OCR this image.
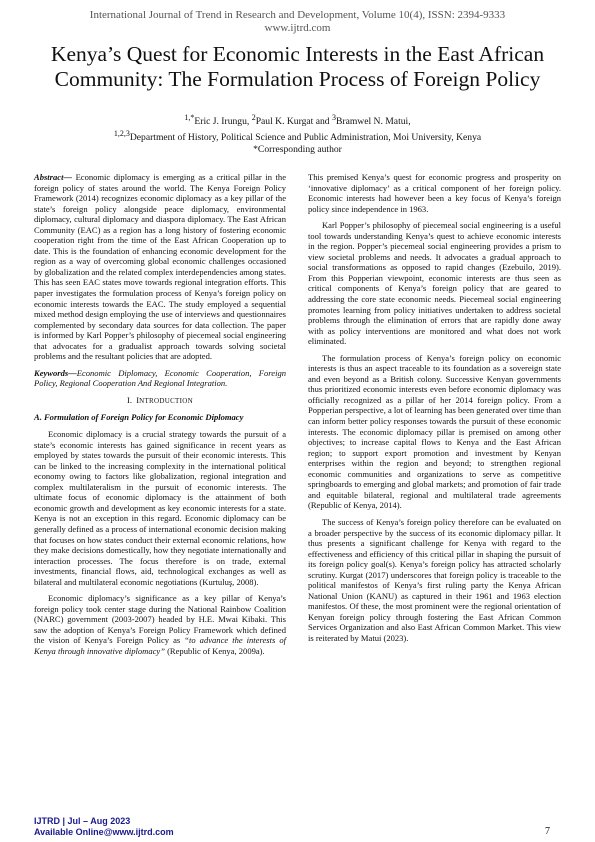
International Journal of Trend in Research and Development, Volume 10(4), ISSN: 2394-9333
www.ijtrd.com
Kenya’s Quest for Economic Interests in the East African
Community: The Formulation Process of Foreign Policy
$^{1,*}$Eric J. Irungu, $^2$Paul K. Kurgat and $^3$Bramwel N. Matui,
$^{1,2,3}$Department of History, Political Science and Public Administration, Moi University, Kenya
*Corresponding author

Abstract— Economic diplomacy is emerging as a critical pillar in the foreign policy of states around the world. The Kenya Foreign Policy Framework (2014) recognizes economic diplomacy as a key pillar of the state’s foreign policy alongside peace diplomacy, environmental diplomacy, cultural diplomacy and diaspora diplomacy. The East African Community (EAC) as a region has a long history of fostering economic cooperation right from the time of the East African Cooperation up to date. This is the foundation of enhancing economic development for the region as a way of overcoming global economic challenges occasioned by globalization and the related complex interdependencies among states. This has seen EAC states move towards regional integration efforts. This paper investigates the formulation process of Kenya’s foreign policy on economic interests towards the EAC. The study employed a sequential mixed method design employing the use of interviews and questionnaires complemented by secondary data sources for data collection. The paper is informed by Karl Popper’s philosophy of piecemeal social engineering that advocates for a gradualist approach towards solving societal problems and the resultant policies that are adopted.

Keywords—Economic Diplomacy, Economic Cooperation, Foreign Policy, Regional Cooperation And Regional Integration.

I. INTRODUCTION

A. Formulation of Foreign Policy for Economic Diplomacy

Economic diplomacy is a crucial strategy towards the pursuit of a state’s economic interests has gained significance in recent years as employed by states towards the pursuit of their economic interests. This can be linked to the increasing complexity in the international political economy owing to factors like globalization, regional integration and complex multilateralism in the pursuit of economic interests. The ultimate focus of economic diplomacy is the attainment of both economic growth and development as key economic interests for a state. Kenya is not an exception in this regard. Economic diplomacy can be generally defined as a process of international economic decision making that focuses on how states conduct their external economic relations, how they make decisions domestically, how they negotiate internationally and interaction processes. The focus therefore is on trade, external investments, financial flows, aid, technological exchanges as well as bilateral and multilateral economic negotiations (Kurtuluş, 2008).

Economic diplomacy’s significance as a key pillar of Kenya’s foreign policy took center stage during the National Rainbow Coalition (NARC) government (2003-2007) headed by H.E. Mwai Kibaki. This saw the adoption of Kenya’s Foreign Policy Framework which defined the vision of Kenya’s Foreign Policy as “to advance the interests of Kenya through innovative diplomacy” (Republic of Kenya, 2009a).

This premised Kenya’s quest for economic progress and prosperity on ‘innovative diplomacy’ as a critical component of her foreign policy. Economic interests had however been a key focus of Kenya’s foreign policy since independence in 1963.

Karl Popper’s philosophy of piecemeal social engineering is a useful tool towards understanding Kenya’s quest to achieve economic interests in the region. Popper’s piecemeal social engineering provides a prism to view societal problems and needs. It advocates a gradual approach to social transformations as opposed to rapid changes (Ezebuilo, 2019). From this Popperian viewpoint, economic interests are thus seen as critical components of Kenya’s foreign policy that are geared to addressing the core state economic needs. Piecemeal social engineering promotes learning from policy initiatives undertaken to address societal problems through the elimination of errors that are rapidly done away with as policy interventions are monitored and what does not work eliminated.

The formulation process of Kenya’s foreign policy on economic interests is thus an aspect traceable to its foundation as a sovereign state and even beyond as a British colony. Successive Kenyan governments thus prioritized economic interests even before economic diplomacy was officially recognized as a pillar of her 2014 foreign policy. From a Popperian perspective, a lot of learning has been generated over time than can inform better policy responses towards the pursuit of these economic interests. The economic diplomacy pillar is premised on among other objectives; to increase capital flows to Kenya and the East African region; to support export promotion and investment by Kenyan enterprises within the region and beyond; to strengthen regional economic communities and organizations to serve as competitive springboards to emerging and global markets; and promotion of fair trade and equitable bilateral, regional and multilateral trade agreements (Republic of Kenya, 2014).

The success of Kenya’s foreign policy therefore can be evaluated on a broader perspective by the success of its economic diplomacy pillar. It thus presents a significant challenge for Kenya with regard to the effectiveness and efficiency of this critical pillar in shaping the pursuit of its foreign policy goal(s). Kenya’s foreign policy has attracted scholarly scrutiny. Kurgat (2017) underscores that foreign policy is traceable to the political manifestos of Kenya’s first ruling party the Kenya African National Union (KANU) as captured in their 1961 and 1963 election manifestos. Of these, the most prominent were the regional orientation of Kenyan foreign policy through fostering the East African Common Services Organization and also East African Common Market. This view is reiterated by Matui (2023).

IJTRD | Jul – Aug 2023
Available Online@www.ijtrd.com	7
